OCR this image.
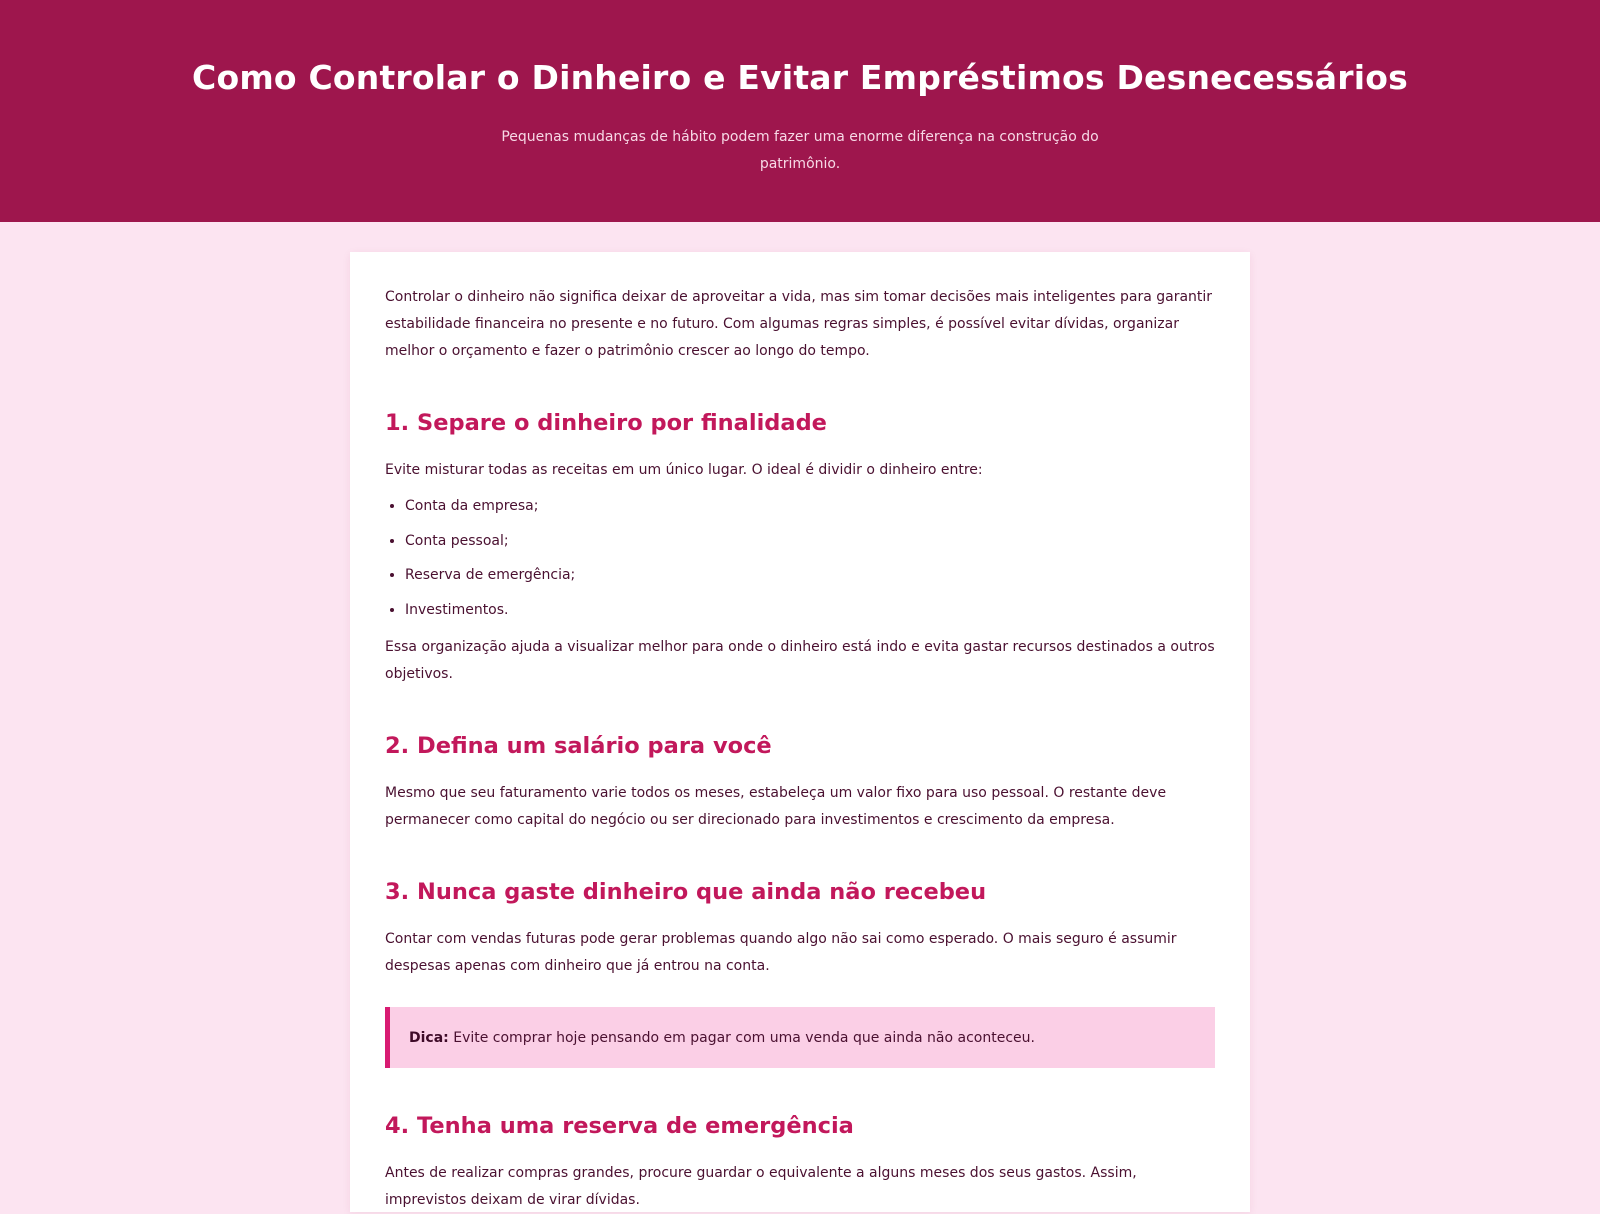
Como Controlar o Dinheiro e Evitar Empréstimos Desnecessários

Pequenas mudanças de hábito podem fazer uma enorme diferença na construção do patrimônio.

Controlar o dinheiro não significa deixar de aproveitar a vida, mas sim tomar decisões mais inteligentes para garantir estabilidade financeira no presente e no futuro. Com algumas regras simples, é possível evitar dívidas, organizar melhor o orçamento e fazer o patrimônio crescer ao longo do tempo.

1. Separe o dinheiro por finalidade

Evite misturar todas as receitas em um único lugar. O ideal é dividir o dinheiro entre:

• Conta da empresa;
• Conta pessoal;
• Reserva de emergência;
• Investimentos.

Essa organização ajuda a visualizar melhor para onde o dinheiro está indo e evita gastar recursos destinados a outros objetivos.

2. Defina um salário para você

Mesmo que seu faturamento varie todos os meses, estabeleça um valor fixo para uso pessoal. O restante deve permanecer como capital do negócio ou ser direcionado para investimentos e crescimento da empresa.

3. Nunca gaste dinheiro que ainda não recebeu

Contar com vendas futuras pode gerar problemas quando algo não sai como esperado. O mais seguro é assumir despesas apenas com dinheiro que já entrou na conta.

Dica: Evite comprar hoje pensando em pagar com uma venda que ainda não aconteceu.
4. Tenha uma reserva de emergência

Antes de realizar compras grandes, procure guardar o equivalente a alguns meses dos seus gastos. Assim, imprevistos deixam de virar dívidas.
